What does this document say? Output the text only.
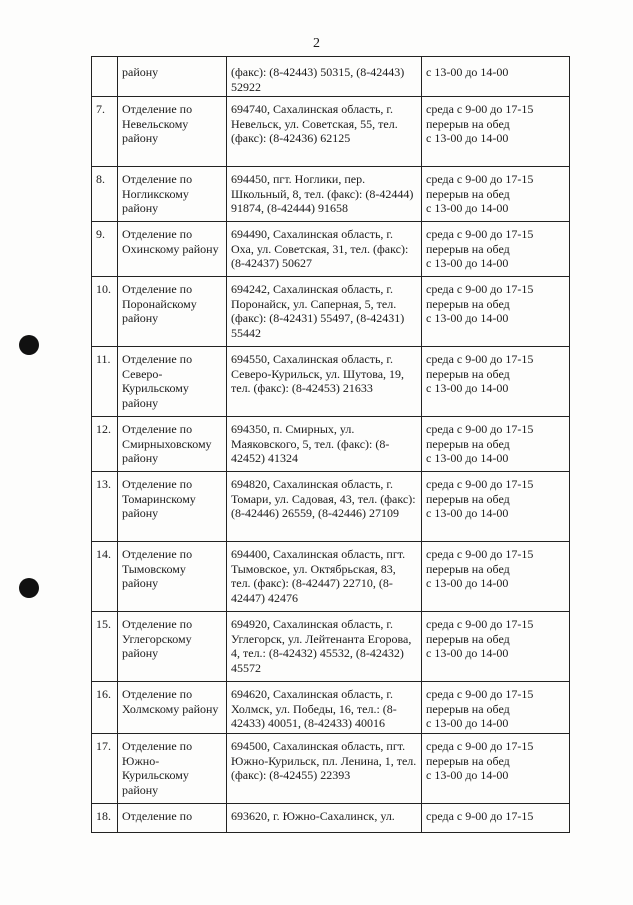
2
	району	(факс): (8-42443) 50315, (8-42443) 52922	с 13-00 до 14-00

7.	Отделение по Невельскому району	694740, Сахалинская область, г. Невельск, ул. Советская, 55, тел. (факс): (8-42436) 62125	среда с 9-00 до 17-15
перерыв на обед
с 13-00 до 14-00

8.	Отделение по Ногликскому району	694450, пгт. Ноглики, пер. Школьный, 8, тел. (факс): (8-42444) 91874, (8-42444) 91658	среда с 9-00 до 17-15
перерыв на обед
с 13-00 до 14-00

9.	Отделение по Охинскому району	694490, Сахалинская область, г. Оха, ул. Советская, 31, тел. (факс): (8-42437) 50627	среда с 9-00 до 17-15
перерыв на обед
с 13-00 до 14-00

10.	Отделение по Поронайскому району	694242, Сахалинская область, г. Поронайск, ул. Саперная, 5, тел. (факс): (8-42431) 55497, (8-42431) 55442	среда с 9-00 до 17-15
перерыв на обед
с 13-00 до 14-00

11.	Отделение по Северо-Курильскому району	694550, Сахалинская область, г. Северо-Курильск, ул. Шутова, 19, тел. (факс): (8-42453) 21633	среда с 9-00 до 17-15
перерыв на обед
с 13-00 до 14-00

12.	Отделение по Смирныховскому району	694350, п. Смирных, ул. Маяковского, 5, тел. (факс): (8-42452) 41324	среда с 9-00 до 17-15
перерыв на обед
с 13-00 до 14-00

13.	Отделение по Томаринскому району	694820, Сахалинская область, г. Томари, ул. Садовая, 43, тел. (факс): (8-42446) 26559, (8-42446) 27109	среда с 9-00 до 17-15
перерыв на обед
с 13-00 до 14-00

14.	Отделение по Тымовскому району	694400, Сахалинская область, пгт. Тымовское, ул. Октябрьская, 83, тел. (факс): (8-42447) 22710, (8-42447) 42476	среда с 9-00 до 17-15
перерыв на обед
с 13-00 до 14-00

15.	Отделение по Углегорскому району	694920, Сахалинская область, г. Углегорск, ул. Лейтенанта Егорова, 4, тел.: (8-42432) 45532, (8-42432) 45572	среда с 9-00 до 17-15
перерыв на обед
с 13-00 до 14-00

16.	Отделение по Холмскому району	694620, Сахалинская область, г. Холмск, ул. Победы, 16, тел.: (8-42433) 40051, (8-42433) 40016	среда с 9-00 до 17-15
перерыв на обед
с 13-00 до 14-00

17.	Отделение по Южно-Курильскому району	694500, Сахалинская область, пгт. Южно-Курильск, пл. Ленина, 1, тел. (факс): (8-42455) 22393	среда с 9-00 до 17-15
перерыв на обед
с 13-00 до 14-00

18.	Отделение по	693620, г. Южно-Сахалинск, ул.	среда с 9-00 до 17-15
